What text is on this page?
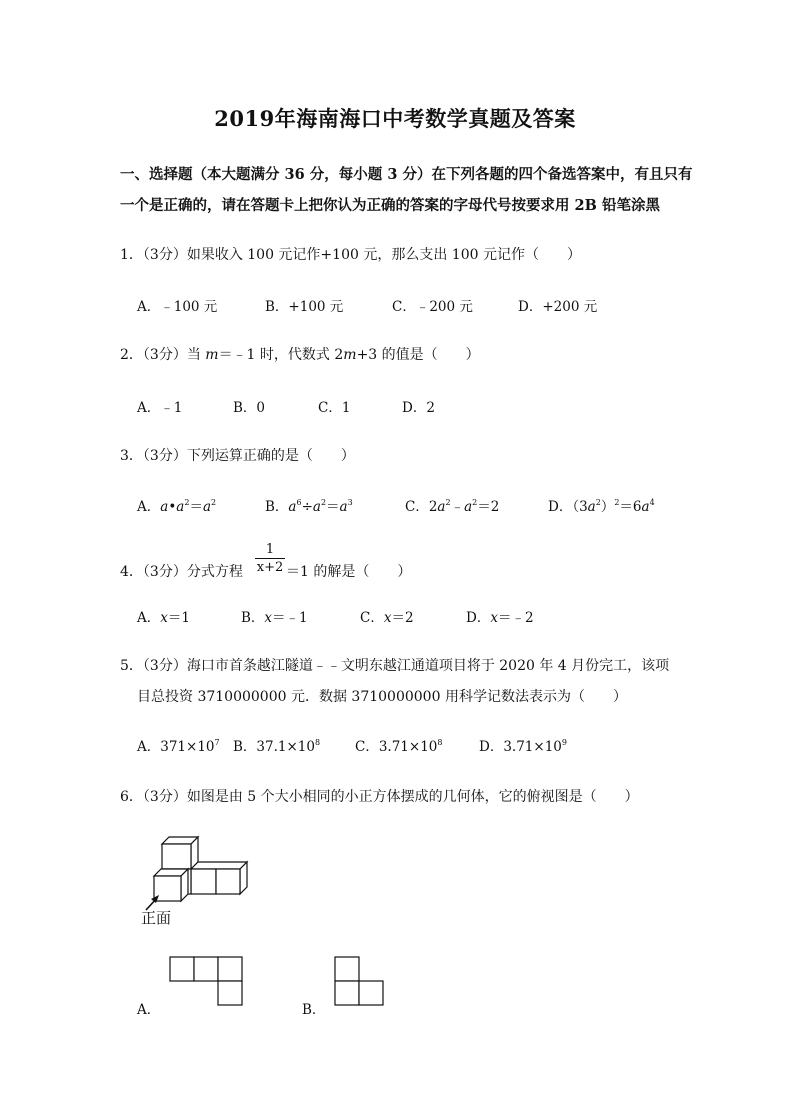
2019年海南海口中考数学真题及答案
一、选择题（本大题满分 36 分，每小题 3 分）在下列各题的四个备选答案中，有且只有
一个是正确的，请在答题卡上把你认为正确的答案的字母代号按要求用 2B 铅笔涂黑
1．（3分）如果收入 100 元记作+100 元，那么支出 100 元记作（　　）
A．﹣100 元	B．+100 元	C．﹣200 元	D．+200 元
2．（3分）当 m＝﹣1 时，代数式 2m+3 的值是（　　）
A．﹣1	B．0	C．1	D．2
3．（3分）下列运算正确的是（　　）
A．$a•a^2=a^2$	B．$a^6\div a^2=a^3$	C．$2a^2﹣a^2=2$	D．$(3a^2)^2=6a^4$
4．（3分）分式方程 $\frac{1}{x+2} =1$ 的解是（　　）
A．x＝1	B．x＝﹣1	C．x＝2	D．x＝﹣2
5．（3分）海口市首条越江隧道﹣﹣文明东越江通道项目将于 2020 年 4 月份完工，该项
目总投资 3710000000 元．数据 3710000000 用科学记数法表示为（　　）
A．$371\times 10^7$ B．$37.1\times 10^8$	C．$3.71\times 10^8$	D．$3.71\times 10^9$
6．（3分）如图是由 5 个大小相同的小正方体摆成的几何体，它的俯视图是（　　）
正面
A．	B．
